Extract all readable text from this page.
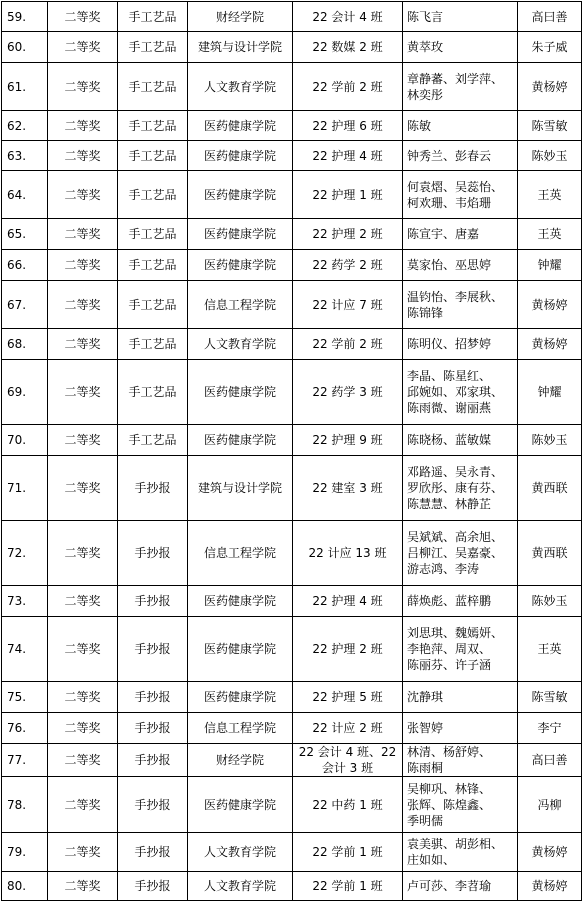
59.	二等奖	手工艺品	财经学院	22 会计 4 班	陈飞言	高曰善
60.	二等奖	手工艺品	建筑与设计学院	22 数媒 2 班	黄萃玫	朱子威
61.	二等奖	手工艺品	人文教育学院	22 学前 2 班	章静蕃、刘学萍、
林奕彤	黄杨婷
62.	二等奖	手工艺品	医药健康学院	22 护理 6 班	陈敏	陈雪敏
63.	二等奖	手工艺品	医药健康学院	22 护理 4 班	钟秀兰、彭春云	陈妙玉
64.	二等奖	手工艺品	医药健康学院	22 护理 1 班	何袁熠、吴蕊怡、
柯欢珊、韦焰珊	王英
65.	二等奖	手工艺品	医药健康学院	22 护理 2 班	陈宣宇、唐嘉	王英
66.	二等奖	手工艺品	医药健康学院	22 药学 2 班	莫家怡、巫思婷	钟耀
67.	二等奖	手工艺品	信息工程学院	22 计应 7 班	温钧怡、李展秋、
陈锦锋	黄杨婷
68.	二等奖	手工艺品	人文教育学院	22 学前 2 班	陈明仪、招梦婷	黄杨婷
69.	二等奖	手工艺品	医药健康学院	22 药学 3 班	李晶、陈星红、
邱婉如、邓家琪、
陈雨微、谢丽燕	钟耀
70.	二等奖	手工艺品	医药健康学院	22 护理 9 班	陈晓杨、蓝敏媒	陈妙玉
71.	二等奖	手抄报	建筑与设计学院	22 建室 3 班	邓路遥、吴永青、
罗欣彤、康有芬、
陈慧慧、林静芷	黄西联
72.	二等奖	手抄报	信息工程学院	22 计应 13 班	吴斌斌、高余旭、
吕柳江、吴嘉豪、
游志鸿、李涛	黄西联
73.	二等奖	手抄报	医药健康学院	22 护理 4 班	薛焕彪、蓝梓鹏	陈妙玉
74.	二等奖	手抄报	医药健康学院	22 护理 2 班	刘思琪、魏嫣妍、
李艳萍、周双、
陈丽芬、许子涵	王英
75.	二等奖	手抄报	医药健康学院	22 护理 5 班	沈静琪	陈雪敏
76.	二等奖	手抄报	信息工程学院	22 计应 2 班	张智婷	李宁
77.	二等奖	手抄报	财经学院	22 会计 4 班、22 会计 3 班	林清、杨舒婷、
陈雨桐	高曰善
78.	二等奖	手抄报	医药健康学院	22 中药 1 班	吴柳巩、林锋、
张辉、陈煌鑫、
季明儒	冯柳
79.	二等奖	手抄报	人文教育学院	22 学前 1 班	袁美骐、胡彭相、
庄如如、	黄杨婷
80.	二等奖	手抄报	人文教育学院	22 学前 1 班	卢可莎、李苕瑜	黄杨婷
